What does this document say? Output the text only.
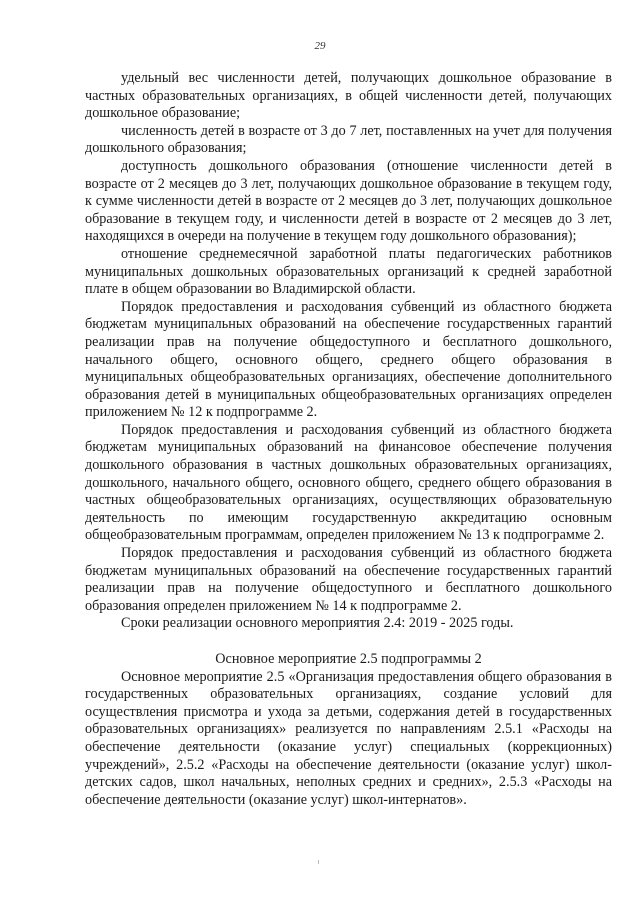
29

удельный вес численности детей, получающих дошкольное образование в частных образовательных организациях, в общей численности детей, получающих дошкольное образование;

численность детей в возрасте от 3 до 7 лет, поставленных на учет для получения дошкольного образования;

доступность дошкольного образования (отношение численности детей в возрасте от 2 месяцев до 3 лет, получающих дошкольное образование в текущем году, к сумме численности детей в возрасте от 2 месяцев до 3 лет, получающих дошкольное образование в текущем году, и численности детей в возрасте от 2 месяцев до 3 лет, находящихся в очереди на получение в текущем году дошкольного образования);

отношение среднемесячной заработной платы педагогических работников муниципальных дошкольных образовательных организаций к средней заработной плате в общем образовании во Владимирской области.

Порядок предоставления и расходования субвенций из областного бюджета бюджетам муниципальных образований на обеспечение государственных гарантий реализации прав на получение общедоступного и бесплатного дошкольного, начального общего, основного общего, среднего общего образования в муниципальных общеобразовательных организациях, обеспечение дополнительного образования детей в муниципальных общеобразовательных организациях определен приложением № 12 к подпрограмме 2.

Порядок предоставления и расходования субвенций из областного бюджета бюджетам муниципальных образований на финансовое обеспечение получения дошкольного образования в частных дошкольных образовательных организациях, дошкольного, начального общего, основного общего, среднего общего образования в частных общеобразовательных организациях, осуществляющих образовательную деятельность по имеющим государственную аккредитацию основным общеобразовательным программам, определен приложением № 13 к подпрограмме 2.

Порядок предоставления и расходования субвенций из областного бюджета бюджетам муниципальных образований на обеспечение государственных гарантий реализации прав на получение общедоступного и бесплатного дошкольного образования определен приложением № 14 к подпрограмме 2.

Сроки реализации основного мероприятия 2.4: 2019 - 2025 годы.

Основное мероприятие 2.5 подпрограммы 2

Основное мероприятие 2.5 «Организация предоставления общего образования в государственных образовательных организациях, создание условий для осуществления присмотра и ухода за детьми, содержания детей в государственных образовательных организациях» реализуется по направлениям 2.5.1 «Расходы на обеспечение деятельности (оказание услуг) специальных (коррекционных) учреждений», 2.5.2 «Расходы на обеспечение деятельности (оказание услуг) школ-детских садов, школ начальных, неполных средних и средних», 2.5.3 «Расходы на обеспечение деятельности (оказание услуг) школ-интернатов».
